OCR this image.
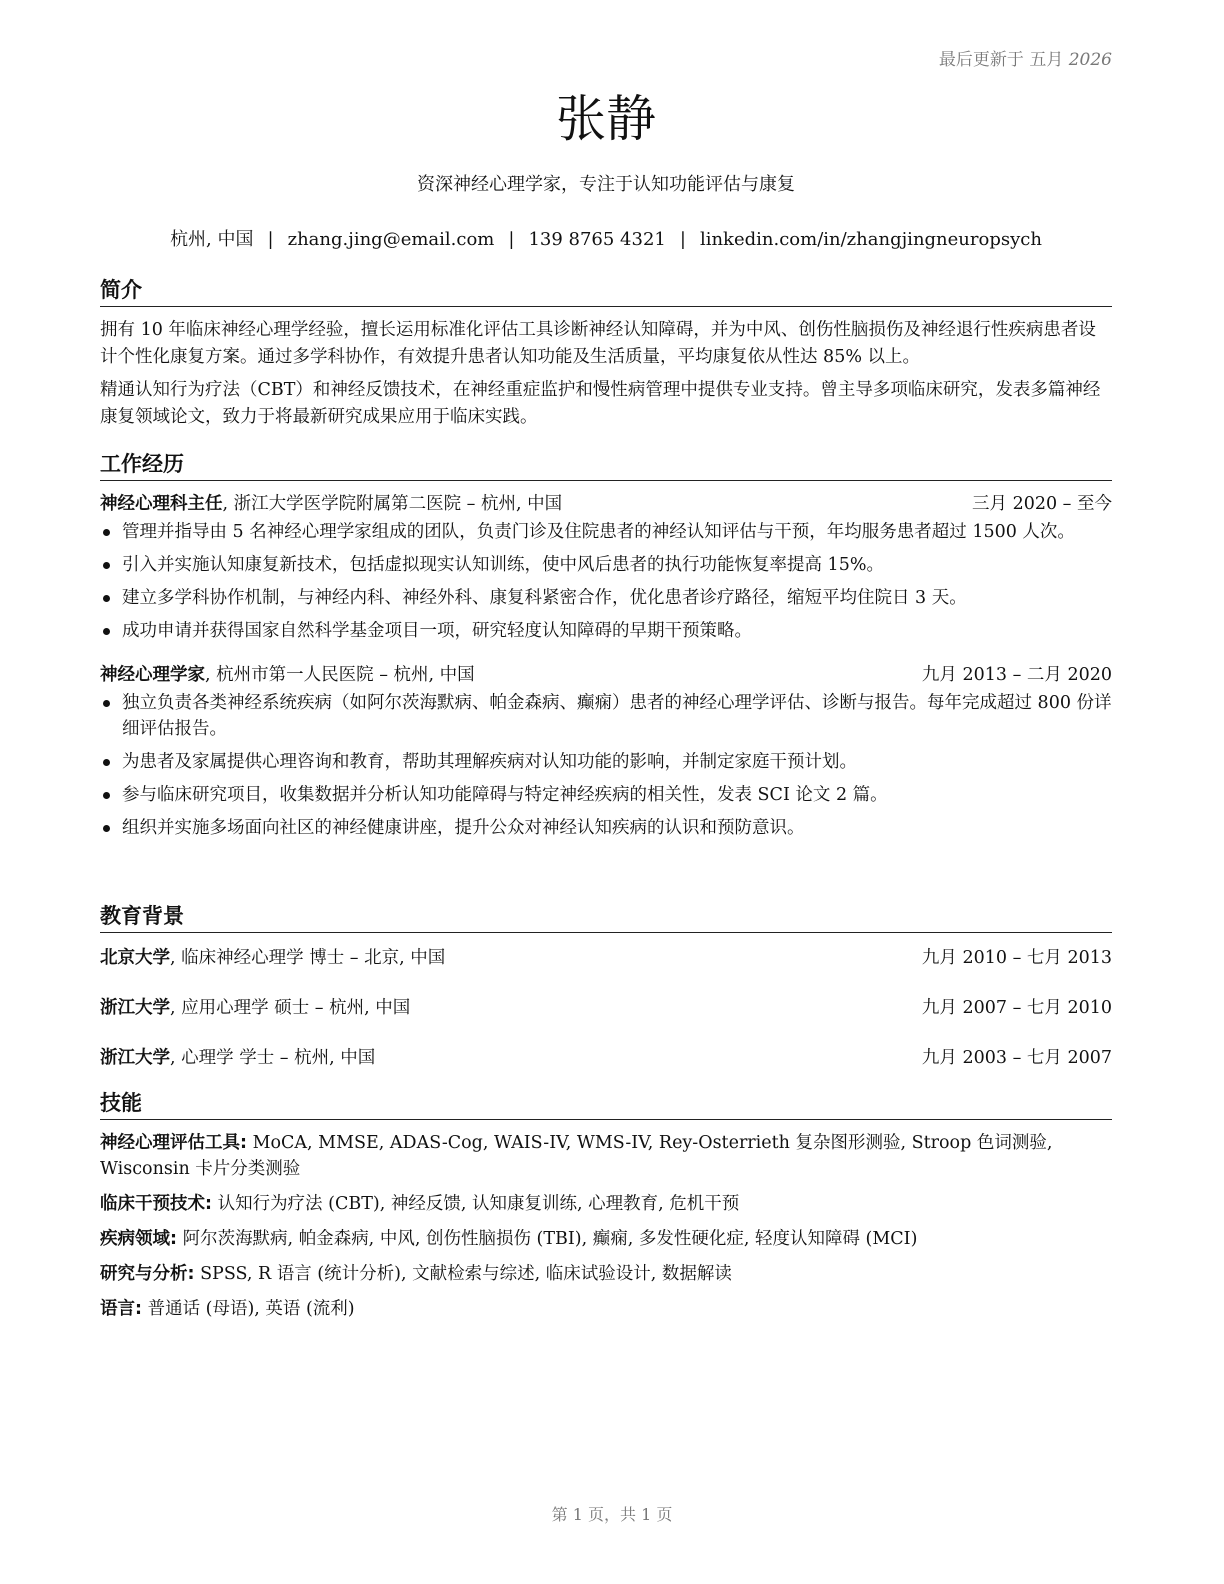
最后更新于 五月 2026
张静
资深神经心理学家，专注于认知功能评估与康复
杭州, 中国 | zhang.jing@email.com | 139 8765 4321 | linkedin.com/in/zhangjingneuropsych
简介

拥有 10 年临床神经心理学经验，擅长运用标准化评估工具诊断神经认知障碍，并为中风、创伤性脑损伤及神经退行性疾病患者设计个性化康复方案。通过多学科协作，有效提升患者认知功能及生活质量，平均康复依从性达 85% 以上。

精通认知行为疗法（CBT）和神经反馈技术，在神经重症监护和慢性病管理中提供专业支持。曾主导多项临床研究，发表多篇神经康复领域论文，致力于将最新研究成果应用于临床实践。

工作经历
神经心理科主任, 浙江大学医学院附属第二医院 – 杭州, 中国	三月 2020 – 至今
管理并指导由 5 名神经心理学家组成的团队，负责门诊及住院患者的神经认知评估与干预，年均服务患者超过 1500 人次。
引入并实施认知康复新技术，包括虚拟现实认知训练，使中风后患者的执行功能恢复率提高 15%。
建立多学科协作机制，与神经内科、神经外科、康复科紧密合作，优化患者诊疗路径，缩短平均住院日 3 天。
成功申请并获得国家自然科学基金项目一项，研究轻度认知障碍的早期干预策略。
神经心理学家, 杭州市第一人民医院 – 杭州, 中国	九月 2013 – 二月 2020
独立负责各类神经系统疾病（如阿尔茨海默病、帕金森病、癫痫）患者的神经心理学评估、诊断与报告。每年完成超过 800 份详细评估报告。
为患者及家属提供心理咨询和教育，帮助其理解疾病对认知功能的影响，并制定家庭干预计划。
参与临床研究项目，收集数据并分析认知功能障碍与特定神经疾病的相关性，发表 SCI 论文 2 篇。
组织并实施多场面向社区的神经健康讲座，提升公众对神经认知疾病的认识和预防意识。
教育背景
北京大学, 临床神经心理学 博士 – 北京, 中国	九月 2010 – 七月 2013
浙江大学, 应用心理学 硕士 – 杭州, 中国	九月 2007 – 七月 2010
浙江大学, 心理学 学士 – 杭州, 中国	九月 2003 – 七月 2007
技能
神经心理评估工具: MoCA, MMSE, ADAS-Cog, WAIS-IV, WMS-IV, Rey-Osterrieth 复杂图形测验, Stroop 色词测验, Wisconsin 卡片分类测验
临床干预技术: 认知行为疗法 (CBT), 神经反馈, 认知康复训练, 心理教育, 危机干预
疾病领域: 阿尔茨海默病, 帕金森病, 中风, 创伤性脑损伤 (TBI), 癫痫, 多发性硬化症, 轻度认知障碍 (MCI)
研究与分析: SPSS, R 语言 (统计分析), 文献检索与综述, 临床试验设计, 数据解读
语言: 普通话 (母语), 英语 (流利)
第 1 页，共 1 页
